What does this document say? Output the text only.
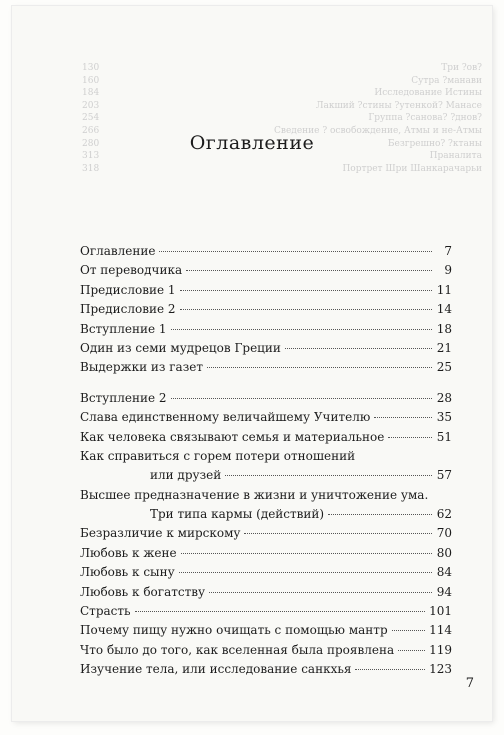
130	Три ?ов?
160	Сутра ?манави
184	Исследование Истины
203	Лакший ?стины ?утенкой? Манасе
254	Группа ?санова? ?днов?
266	Сведение ? освобождение, Атмы и не-Атмы
280	Безгрешно? ?ктаны
313	Праналита
318	Портрет Шри Шанкарачарьи
Оглавление
Оглавление	7
От переводчика	9
Предисловие 1	11
Предисловие 2	14
Вступление 1	18
Один из семи мудрецов Греции	21
Выдержки из газет	25
Вступление 2	28
Слава единственному величайшему Учителю	35
Как человека связывают семья и материальное	51
Как справиться с горем потери отношений
или друзей	57
Высшее предназначение в жизни и уничтожение ума.
Три типа кармы (действий)	62
Безразличие к мирскому	70
Любовь к жене	80
Любовь к сыну	84
Любовь к богатству	94
Страсть	101
Почему пищу нужно очищать с помощью мантр	114
Что было до того, как вселенная была проявлена	119
Изучение тела, или исследование санкхья	123
7
